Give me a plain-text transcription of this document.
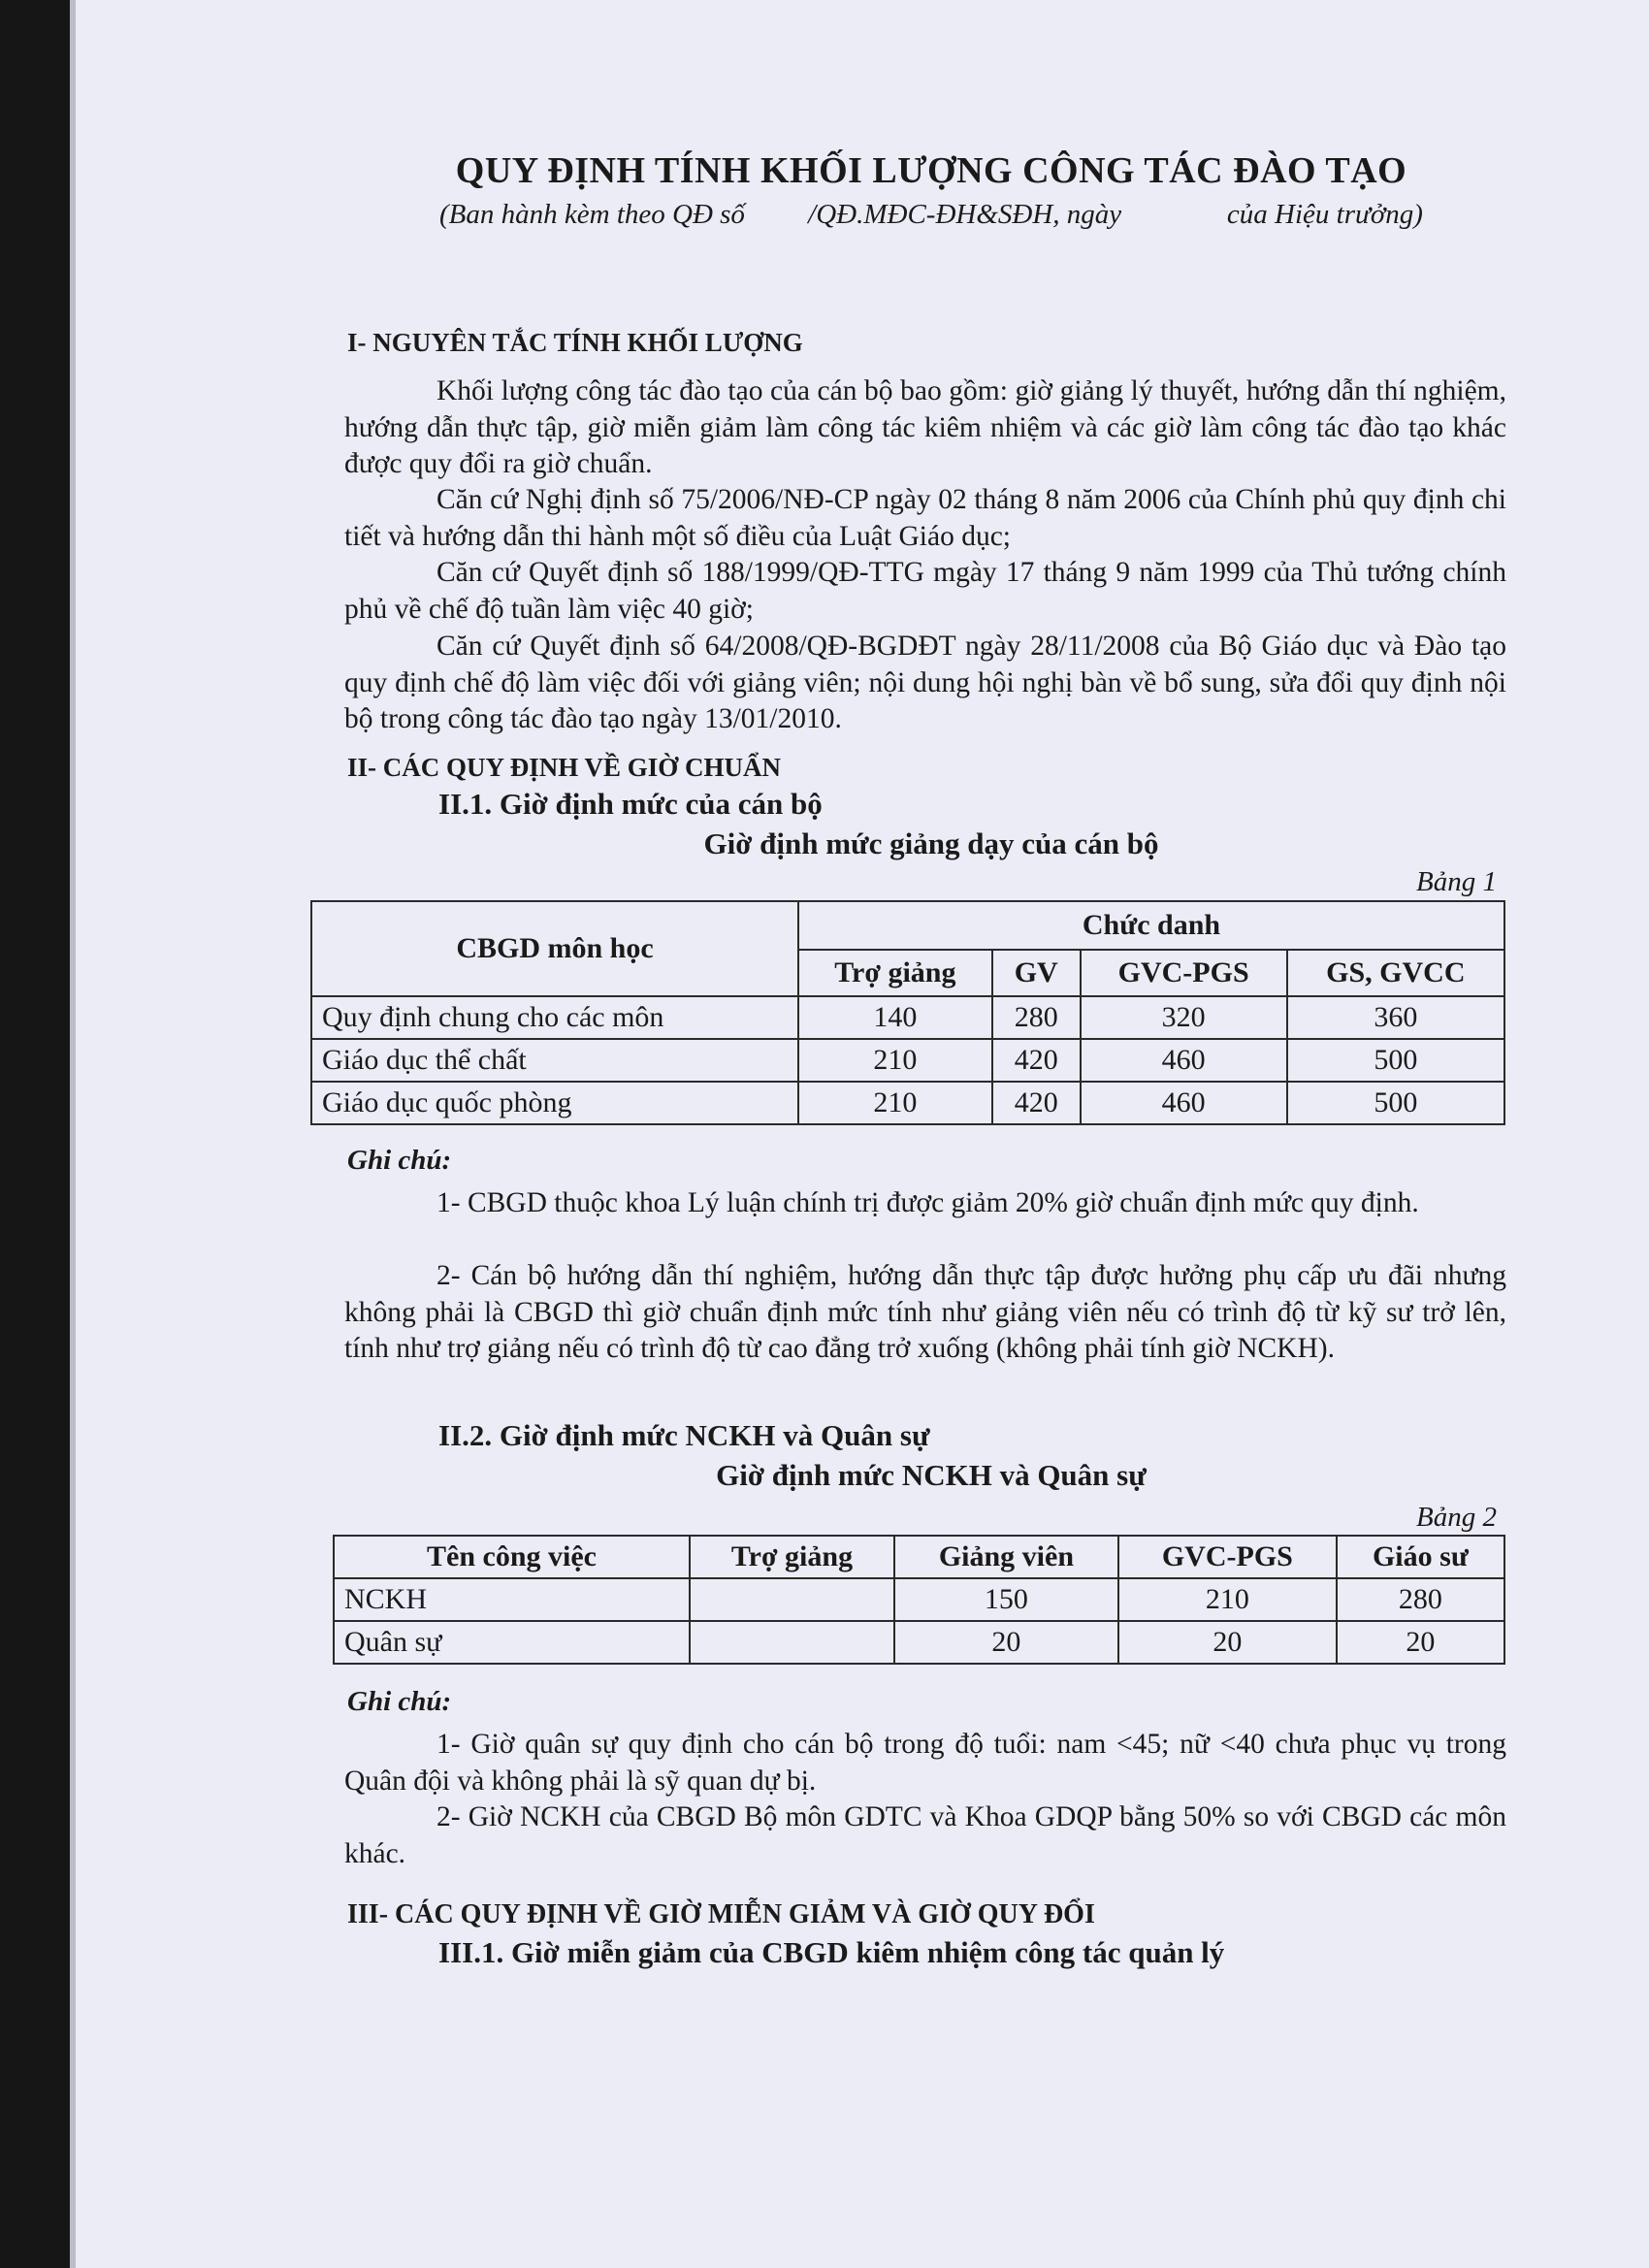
QUY ĐỊNH TÍNH KHỐI LƯỢNG CÔNG TÁC ĐÀO TẠO
(Ban hành kèm theo QĐ số         /QĐ.MĐC-ĐH&SĐH, ngày               của Hiệu trưởng)
I- NGUYÊN TẮC TÍNH KHỐI LƯỢNG

Khối lượng công tác đào tạo của cán bộ bao gồm: giờ giảng lý thuyết, hướng dẫn thí nghiệm, hướng dẫn thực tập, giờ miễn giảm làm công tác kiêm nhiệm và các giờ làm công tác đào tạo khác được quy đổi ra giờ chuẩn.

Căn cứ Nghị định số 75/2006/NĐ-CP ngày 02 tháng 8 năm 2006 của Chính phủ quy định chi tiết và hướng dẫn thi hành một số điều của Luật Giáo dục;

Căn cứ Quyết định số 188/1999/QĐ-TTG mgày 17 tháng 9 năm 1999 của Thủ tướng chính phủ về chế độ tuần làm việc 40 giờ;

Căn cứ Quyết định số 64/2008/QĐ-BGDĐT ngày 28/11/2008 của Bộ Giáo dục và Đào tạo quy định chế độ làm việc đối với giảng viên; nội dung hội nghị bàn về bổ sung, sửa đổi quy định nội bộ trong công tác đào tạo ngày 13/01/2010.

II- CÁC QUY ĐỊNH VỀ GIỜ CHUẨN
II.1. Giờ định mức của cán bộ
Giờ định mức giảng dạy của cán bộ
Bảng 1
CBGD môn học	Chức danh			
	Trợ giảng	GV	GVC-PGS	GS, GVCC
Quy định chung cho các môn	140	280	320	360
Giáo dục thể chất	210	420	460	500
Giáo dục quốc phòng	210	420	460	500
Ghi chú:

1- CBGD thuộc khoa Lý luận chính trị được giảm 20% giờ chuẩn định mức quy định.

2- Cán bộ hướng dẫn thí nghiệm, hướng dẫn thực tập được hưởng phụ cấp ưu đãi nhưng không phải là CBGD thì giờ chuẩn định mức tính như giảng viên nếu có trình độ từ kỹ sư trở lên, tính như trợ giảng nếu có trình độ từ cao đẳng trở xuống (không phải tính giờ NCKH).

II.2. Giờ định mức NCKH và Quân sự
Giờ định mức NCKH và Quân sự
Bảng 2
Tên công việc	Trợ giảng	Giảng viên	GVC-PGS	Giáo sư
NCKH		150	210	280
Quân sự		20	20	20
Ghi chú:

1- Giờ quân sự quy định cho cán bộ trong độ tuổi: nam <45; nữ <40 chưa phục vụ trong Quân đội và không phải là sỹ quan dự bị.

2- Giờ NCKH của CBGD Bộ môn GDTC và Khoa GDQP bằng 50% so với CBGD các môn khác.

III- CÁC QUY ĐỊNH VỀ GIỜ MIỄN GIẢM VÀ GIỜ QUY ĐỔI
III.1. Giờ miễn giảm của CBGD kiêm nhiệm công tác quản lý
